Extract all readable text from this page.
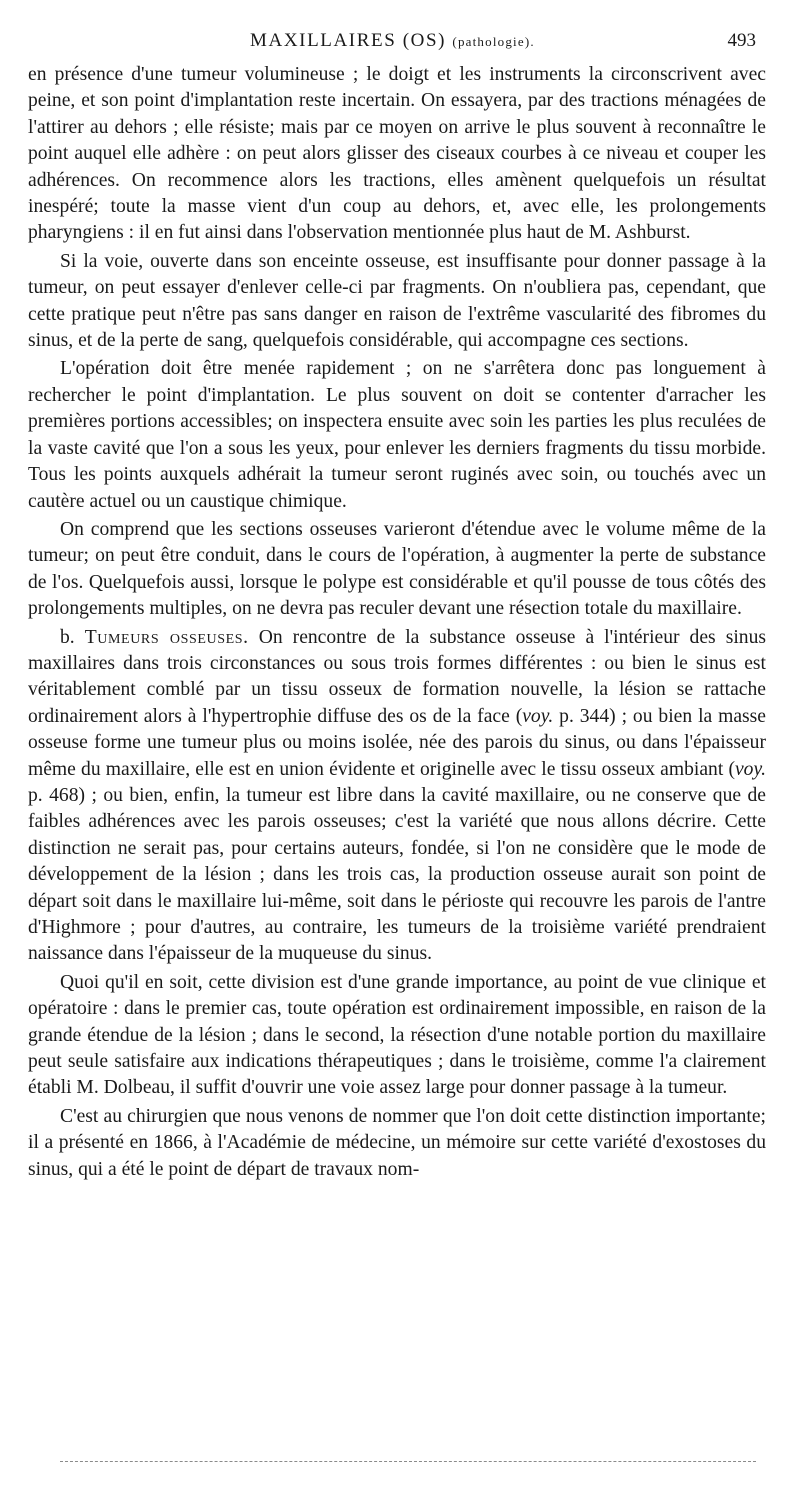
MAXILLAIRES (OS) (pathologie).	493

en présence d'une tumeur volumineuse ; le doigt et les instruments la circonscrivent avec peine, et son point d'implantation reste incertain. On essayera, par des tractions ménagées de l'attirer au dehors ; elle résiste; mais par ce moyen on arrive le plus souvent à reconnaître le point auquel elle adhère : on peut alors glisser des ciseaux courbes à ce niveau et couper les adhérences. On recommence alors les tractions, elles amènent quelquefois un résultat inespéré; toute la masse vient d'un coup au dehors, et, avec elle, les prolongements pharyngiens : il en fut ainsi dans l'observation mentionnée plus haut de M. Ashburst.

Si la voie, ouverte dans son enceinte osseuse, est insuffisante pour donner passage à la tumeur, on peut essayer d'enlever celle-ci par fragments. On n'oubliera pas, cependant, que cette pratique peut n'être pas sans danger en raison de l'extrême vascularité des fibromes du sinus, et de la perte de sang, quelquefois considérable, qui accompagne ces sections.

L'opération doit être menée rapidement ; on ne s'arrêtera donc pas longuement à rechercher le point d'implantation. Le plus souvent on doit se contenter d'arracher les premières portions accessibles; on inspectera ensuite avec soin les parties les plus reculées de la vaste cavité que l'on a sous les yeux, pour enlever les derniers fragments du tissu morbide. Tous les points auxquels adhérait la tumeur seront ruginés avec soin, ou touchés avec un cautère actuel ou un caustique chimique.

On comprend que les sections osseuses varieront d'étendue avec le volume même de la tumeur; on peut être conduit, dans le cours de l'opération, à augmenter la perte de substance de l'os. Quelquefois aussi, lorsque le polype est considérable et qu'il pousse de tous côtés des prolongements multiples, on ne devra pas reculer devant une résection totale du maxillaire.

b. Tumeurs osseuses. On rencontre de la substance osseuse à l'intérieur des sinus maxillaires dans trois circonstances ou sous trois formes différentes : ou bien le sinus est véritablement comblé par un tissu osseux de formation nouvelle, la lésion se rattache ordinairement alors à l'hypertrophie diffuse des os de la face (voy. p. 344) ; ou bien la masse osseuse forme une tumeur plus ou moins isolée, née des parois du sinus, ou dans l'épaisseur même du maxillaire, elle est en union évidente et originelle avec le tissu osseux ambiant (voy. p. 468) ; ou bien, enfin, la tumeur est libre dans la cavité maxillaire, ou ne conserve que de faibles adhérences avec les parois osseuses; c'est la variété que nous allons décrire. Cette distinction ne serait pas, pour certains auteurs, fondée, si l'on ne considère que le mode de développement de la lésion ; dans les trois cas, la production osseuse aurait son point de départ soit dans le maxillaire lui-même, soit dans le périoste qui recouvre les parois de l'antre d'Highmore ; pour d'autres, au contraire, les tumeurs de la troisième variété prendraient naissance dans l'épaisseur de la muqueuse du sinus.

Quoi qu'il en soit, cette division est d'une grande importance, au point de vue clinique et opératoire : dans le premier cas, toute opération est ordinairement impossible, en raison de la grande étendue de la lésion ; dans le second, la résection d'une notable portion du maxillaire peut seule satisfaire aux indications thérapeutiques ; dans le troisième, comme l'a clairement établi M. Dolbeau, il suffit d'ouvrir une voie assez large pour donner passage à la tumeur.

C'est au chirurgien que nous venons de nommer que l'on doit cette distinction importante; il a présenté en 1866, à l'Académie de médecine, un mémoire sur cette variété d'exostoses du sinus, qui a été le point de départ de travaux nom-
